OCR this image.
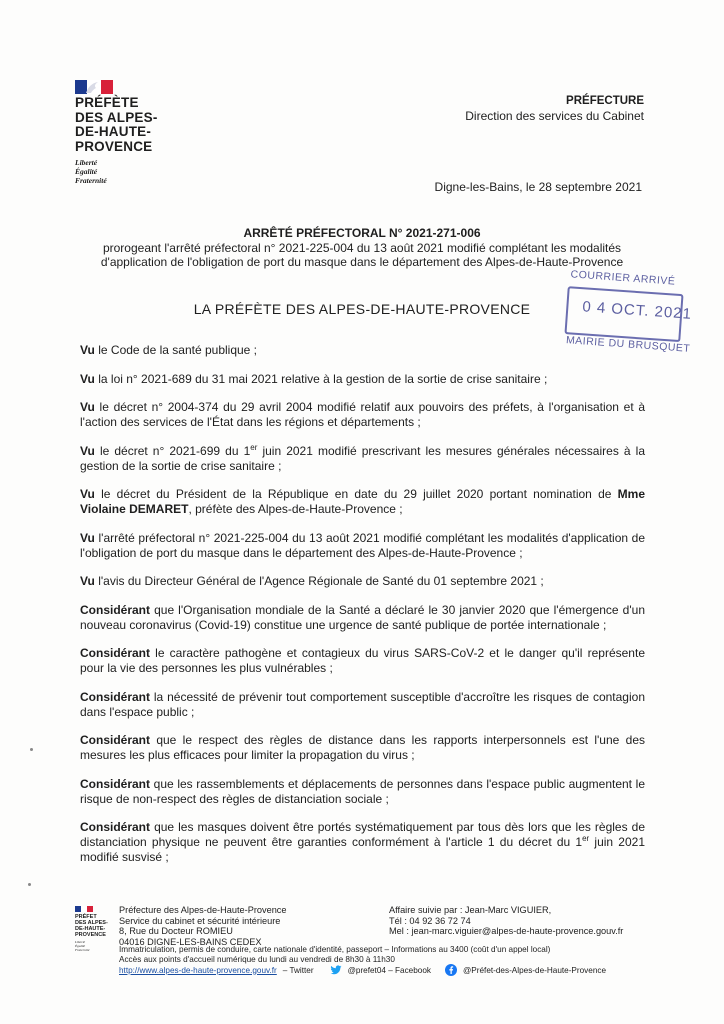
PRÉFÈTE
DES ALPES-
DE-HAUTE-
PROVENCE
Liberté
Égalité
Fraternité
PRÉFECTURE
Direction des services du Cabinet
Digne-les-Bains, le 28 septembre 2021
ARRÊTÉ PRÉFECTORAL N° 2021-271-006
prorogeant l'arrêté préfectoral n° 2021-225-004 du 13 août 2021 modifié complétant les modalités
d'application de l'obligation de port du masque dans le département des Alpes-de-Haute-Provence
COURRIER ARRIVÉ
0 4 OCT. 2021
MAIRIE DU BRUSQUET
LA PRÉFÈTE DES ALPES-DE-HAUTE-PROVENCE

Vu le Code de la santé publique ;

Vu la loi n° 2021-689 du 31 mai 2021 relative à la gestion de la sortie de crise sanitaire ;

Vu le décret n° 2004-374 du 29 avril 2004 modifié relatif aux pouvoirs des préfets, à l'organisation et à l'action des services de l'État dans les régions et départements ;

Vu le décret n° 2021-699 du 1er juin 2021 modifié prescrivant les mesures générales nécessaires à la gestion de la sortie de crise sanitaire ;

Vu le décret du Président de la République en date du 29 juillet 2020 portant nomination de Mme Violaine DEMARET, préfète des Alpes-de-Haute-Provence ;

Vu l'arrêté préfectoral n° 2021-225-004 du 13 août 2021 modifié complétant les modalités d'application de l'obligation de port du masque dans le département des Alpes-de-Haute-Provence ;

Vu l'avis du Directeur Général de l'Agence Régionale de Santé du 01 septembre 2021 ;

Considérant que l'Organisation mondiale de la Santé a déclaré le 30 janvier 2020 que l'émergence d'un nouveau coronavirus (Covid-19) constitue une urgence de santé publique de portée internationale ;

Considérant le caractère pathogène et contagieux du virus SARS-CoV-2 et le danger qu'il représente pour la vie des personnes les plus vulnérables ;

Considérant la nécessité de prévenir tout comportement susceptible d'accroître les risques de contagion dans l'espace public ;

Considérant que le respect des règles de distance dans les rapports interpersonnels est l'une des mesures les plus efficaces pour limiter la propagation du virus ;

Considérant que les rassemblements et déplacements de personnes dans l'espace public augmentent le risque de non-respect des règles de distanciation sociale ;

Considérant que les masques doivent être portés systématiquement par tous dès lors que les règles de distanciation physique ne peuvent être garanties conformément à l'article 1 du décret du 1er juin 2021 modifié susvisé ;

PRÉFET
DES ALPES-
DE-HAUTE-
PROVENCE
Liberté
Égalité
Fraternité
Préfecture des Alpes-de-Haute-Provence
Service du cabinet et sécurité intérieure
8, Rue du Docteur ROMIEU
04016 DIGNE-LES-BAINS CEDEX
Affaire suivie par : Jean-Marc VIGUIER,
Tél : 04 92 36 72 74
Mel : jean-marc.viguier@alpes-de-haute-provence.gouv.fr
Immatriculation, permis de conduire, carte nationale d'identité, passeport – Informations au 3400 (coût d'un appel local)
Accès aux points d'accueil numérique du lundi au vendredi de 8h30 à 11h30
http://www.alpes-de-haute-provence.gouv.fr – Twitter	@prefet04 – Facebook	@Préfet-des-Alpes-de-Haute-Provence
